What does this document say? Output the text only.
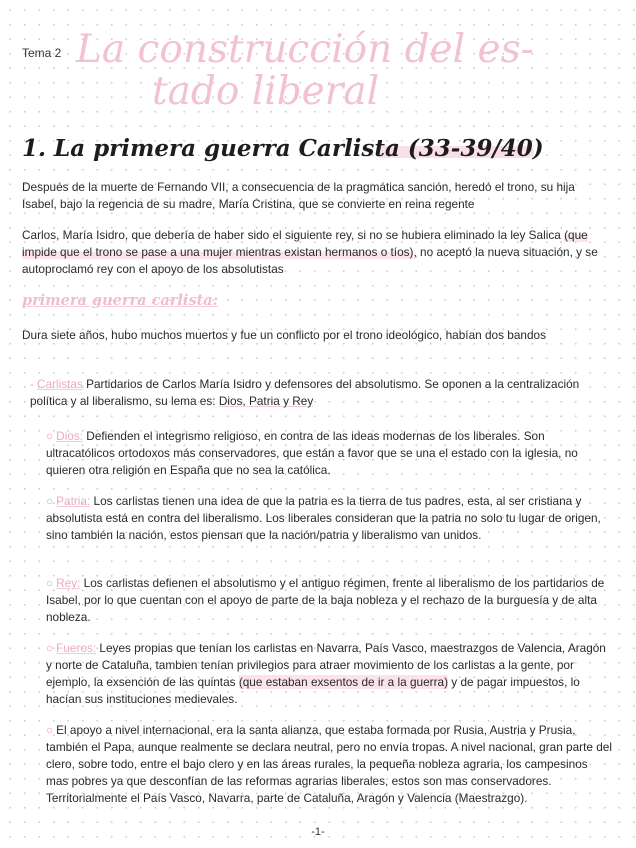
Tema 2 La construcción del es-
tado liberal
1. La primera guerra Carlista (33-39/40)
Después de la muerte de Fernando VII, a consecuencia de la pragmática sanción, heredó el trono, su hija Isabel, bajo la regencia de su madre, María Cristina, que se convierte en reina regente
Carlos, María Isidro, que debería de haber sido el siguiente rey, si no se hubiera eliminado la ley Salica (que impide que el trono se pase a una mujer mientras existan hermanos o tíos), no aceptó la nueva situación, y se autoproclamó rey con el apoyo de los absolutistas
primera guerra carlista:
Dura siete años, hubo muchos muertos y fue un conflicto por el trono ideológico, habían dos bandos
- Carlistas Partidarios de Carlos María Isidro y defensores del absolutismo. Se oponen a la centralización política y al liberalismo, su lema es: Dios, Patria y Rey
○ Dios: Defienden el integrismo religioso, en contra de las ideas modernas de los liberales. Son ultracatólicos ortodoxos más conservadores, que están a favor que se una el estado con la iglesia, no quieren otra religión en España que no sea la católica.
○ Patria: Los carlistas tienen una idea de que la patria es la tierra de tus padres, esta, al ser cristiana y absolutista está en contra del liberalismo. Los liberales consideran que la patria no solo tu lugar de origen, sino también la nación, estos piensan que la nación/patria y liberalismo van unidos.
○ Rey: Los carlistas defienen el absolutismo y el antiguo régimen, frente al liberalismo de los partidarios de Isabel, por lo que cuentan con el apoyo de parte de la baja nobleza y el rechazo de la burguesía y de alta nobleza.
○ Fueros: Leyes propias que tenían los carlistas en Navarra, País Vasco, maestrazgos de Valencia, Aragón y norte de Cataluña, tambien tenían privilegios para atraer movimiento de los carlistas a la gente, por ejemplo, la exsención de las quintas (que estaban exsentos de ir a la guerra) y de pagar impuestos, lo hacían sus instituciones medievales.
○ El apoyo a nivel internacional, era la santa alianza, que estaba formada por Rusia, Austria y Prusia, también el Papa, aunque realmente se declara neutral, pero no envía tropas. A nivel nacional, gran parte del clero, sobre todo, entre el bajo clero y en las áreas rurales, la pequeña nobleza agraria, los campesinos mas pobres ya que desconfían de las reformas agrarias liberales, estos son mas conservadores. Territorialmente el País Vasco, Navarra, parte de Cataluña, Aragón y Valencia (Maestrazgo).
-1-
